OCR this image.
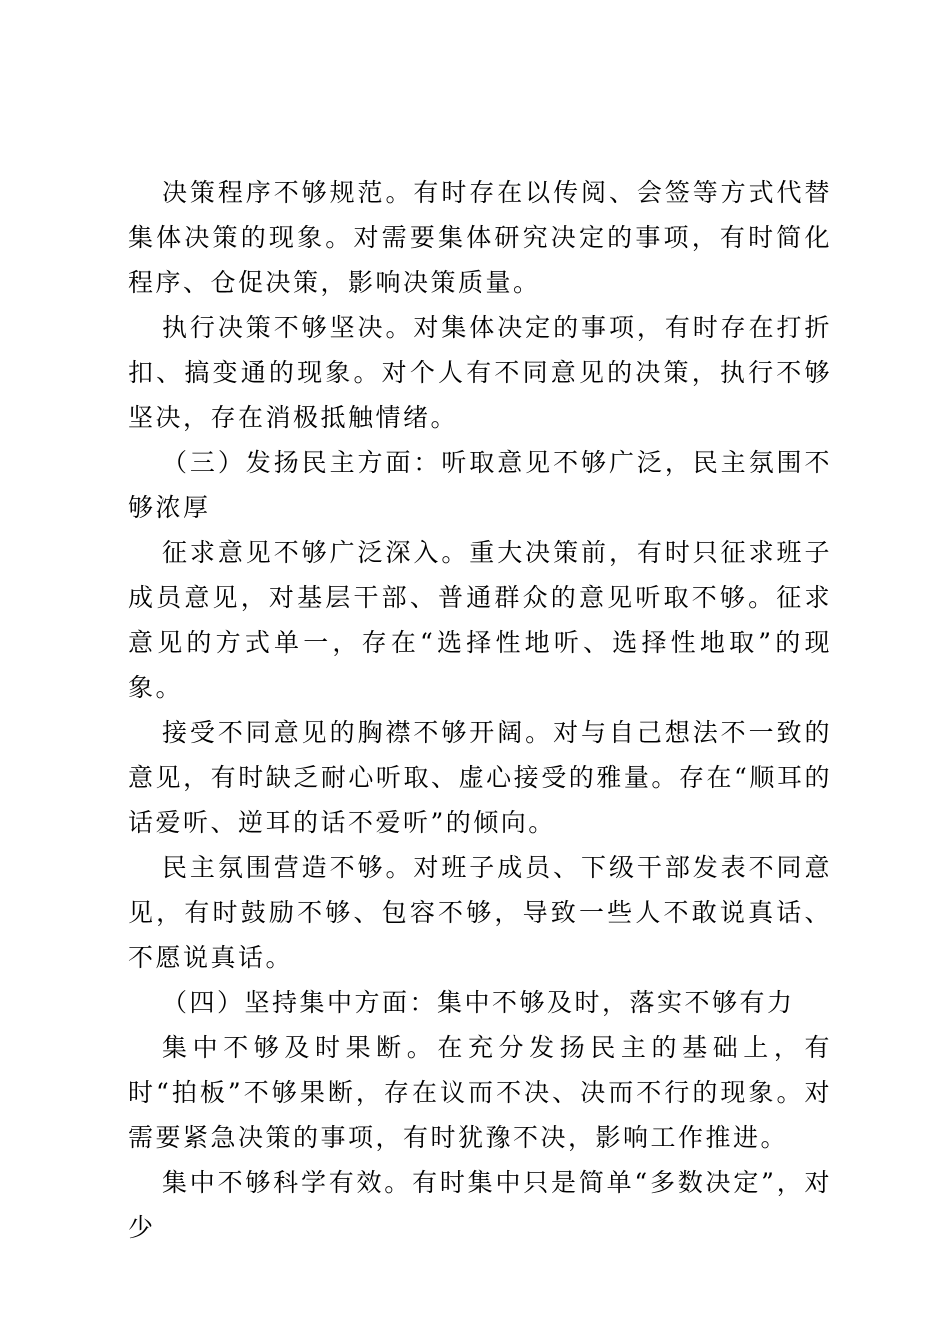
决策程序不够规范。有时存在以传阅、会签等方式代替集体决策的现象。对需要集体研究决定的事项，有时简化程序、仓促决策，影响决策质量。

执行决策不够坚决。对集体决定的事项，有时存在打折扣、搞变通的现象。对个人有不同意见的决策，执行不够坚决，存在消极抵触情绪。

（三）发扬民主方面：听取意见不够广泛，民主氛围不够浓厚

征求意见不够广泛深入。重大决策前，有时只征求班子成员意见，对基层干部、普通群众的意见听取不够。征求意见的方式单一，存在“选择性地听、选择性地取”的现象。

接受不同意见的胸襟不够开阔。对与自己想法不一致的意见，有时缺乏耐心听取、虚心接受的雅量。存在“顺耳的话爱听、逆耳的话不爱听”的倾向。

民主氛围营造不够。对班子成员、下级干部发表不同意见，有时鼓励不够、包容不够，导致一些人不敢说真话、不愿说真话。

（四）坚持集中方面：集中不够及时，落实不够有力

集中不够及时果断。在充分发扬民主的基础上，有时“拍板”不够果断，存在议而不决、决而不行的现象。对需要紧急决策的事项，有时犹豫不决，影响工作推进。

集中不够科学有效。有时集中只是简单“多数决定”，对少
